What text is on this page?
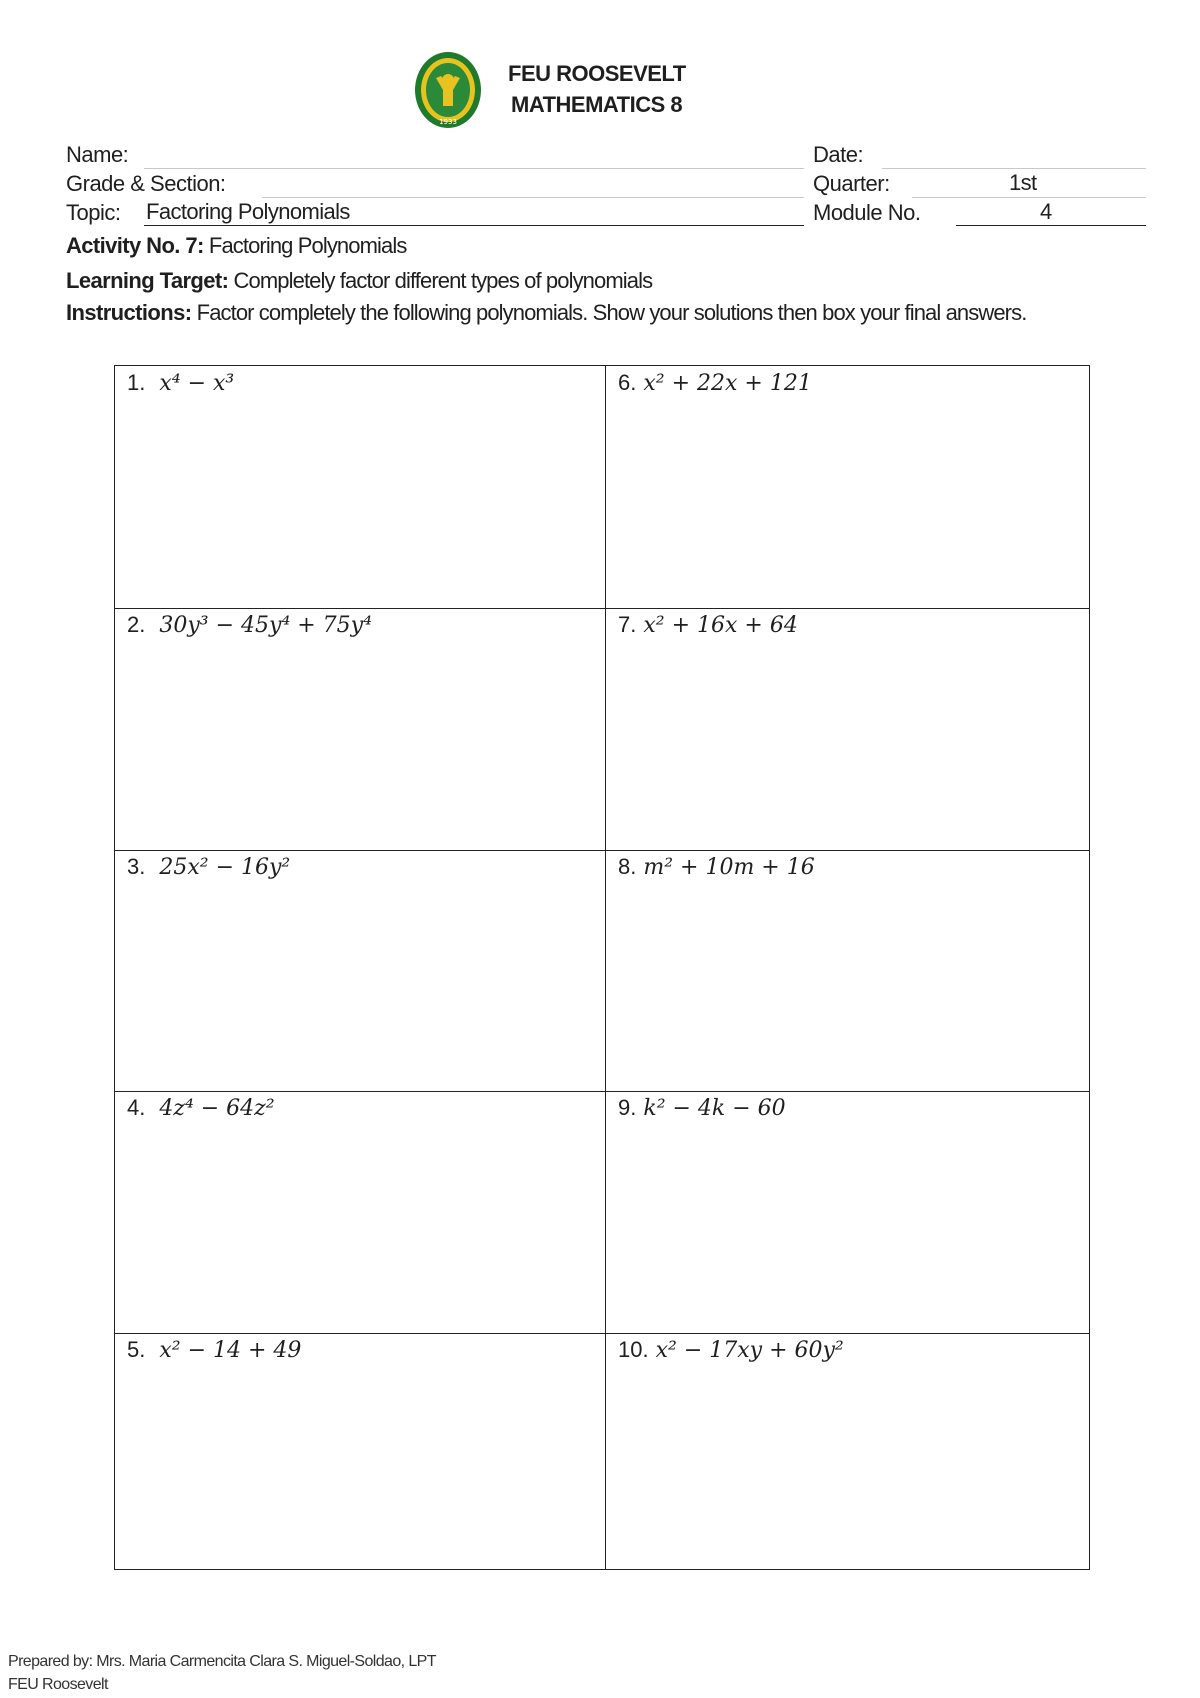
1933
FEU ROOSEVELT
MATHEMATICS 8
Name:	Date:
Grade & Section:	Quarter:	1st
Topic: Factoring Polynomials	Module No.	4
Activity No. 7: Factoring Polynomials
Learning Target: Completely factor different types of polynomials
Instructions: Factor completely the following polynomials. Show your solutions then box your final answers.
1. x⁴ − x³
2. 30y³ − 45y⁴ + 75y⁴
3. 25x² − 16y²
4. 4z⁴ − 64z²
5. x² − 14 + 49
6. x² + 22x + 121
7. x² + 16x + 64
8. m² + 10m + 16
9. k² − 4k − 60
10. x² − 17xy + 60y²
Prepared by: Mrs. Maria Carmencita Clara S. Miguel-Soldao, LPT
FEU Roosevelt
